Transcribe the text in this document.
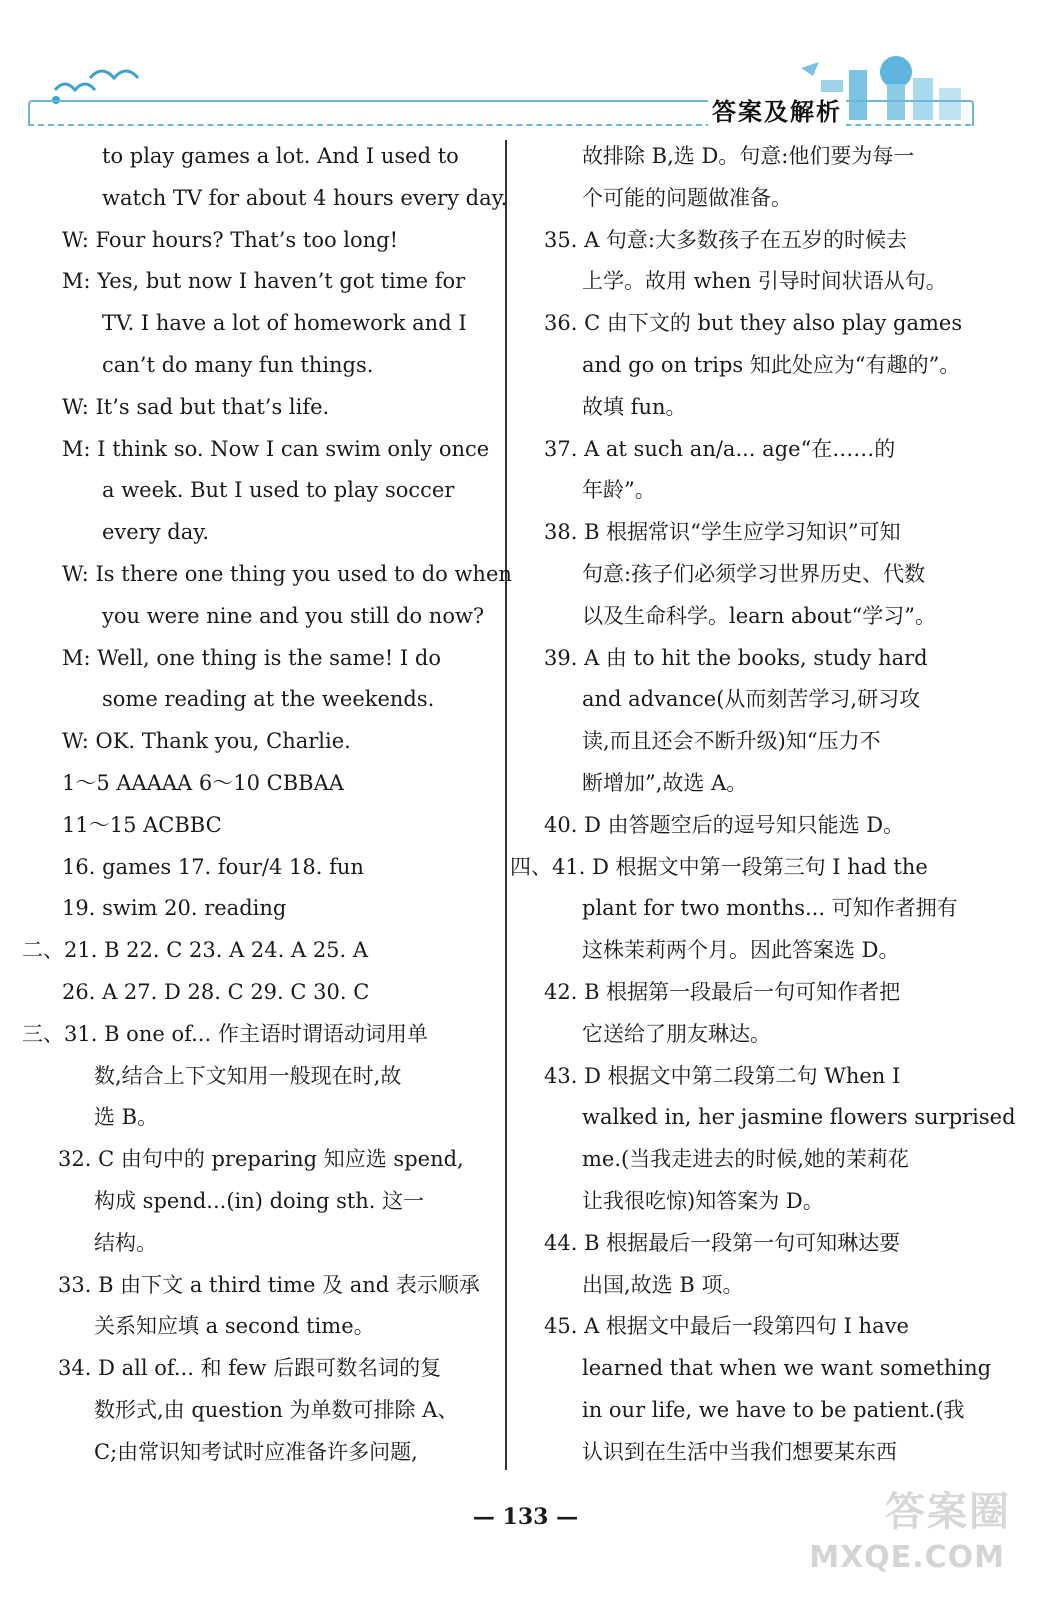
答案及解析
to play games a lot. And I used to
watch TV for about 4 hours every day.
W: Four hours? That’s too long!
M: Yes, but now I haven’t got time for
TV. I have a lot of homework and I
can’t do many fun things.
W: It’s sad but that’s life.
M: I think so. Now I can swim only once
a week. But I used to play soccer
every day.
W: Is there one thing you used to do when
you were nine and you still do now?
M: Well, one thing is the same! I do
some reading at the weekends.
W: OK. Thank you, Charlie.
1～5 AAAAA 6～10 CBBAA
11～15 ACBBC
16. games 17. four/4 18. fun
19. swim 20. reading
二、21. B 22. C 23. A 24. A 25. A
26. A 27. D 28. C 29. C 30. C
三、31. B one of... 作主语时谓语动词用单
数,结合上下文知用一般现在时,故
选 B。
32. C 由句中的 preparing 知应选 spend,
构成 spend...(in) doing sth. 这一
结构。
33. B 由下文 a third time 及 and 表示顺承
关系知应填 a second time。
34. D all of... 和 few 后跟可数名词的复
数形式,由 question 为单数可排除 A、
C;由常识知考试时应准备许多问题,
故排除 B,选 D。句意:他们要为每一
个可能的问题做准备。
35. A 句意:大多数孩子在五岁的时候去
上学。故用 when 引导时间状语从句。
36. C 由下文的 but they also play games
and go on trips 知此处应为“有趣的”。
故填 fun。
37. A at such an/a... age“在……的
年龄”。
38. B 根据常识“学生应学习知识”可知
句意:孩子们必须学习世界历史、代数
以及生命科学。learn about“学习”。
39. A 由 to hit the books, study hard
and advance(从而刻苦学习,研习攻
读,而且还会不断升级)知“压力不
断增加”,故选 A。
40. D 由答题空后的逗号知只能选 D。
四、41. D 根据文中第一段第三句 I had the
plant for two months... 可知作者拥有
这株茉莉两个月。因此答案选 D。
42. B 根据第一段最后一句可知作者把
它送给了朋友琳达。
43. D 根据文中第二段第二句 When I
walked in, her jasmine flowers surprised
me.(当我走进去的时候,她的茉莉花
让我很吃惊)知答案为 D。
44. B 根据最后一段第一句可知琳达要
出国,故选 B 项。
45. A 根据文中最后一段第四句 I have
learned that when we want something
in our life, we have to be patient.(我
认识到在生活中当我们想要某东西
— 133 —	答案圈
MXQE.COM
